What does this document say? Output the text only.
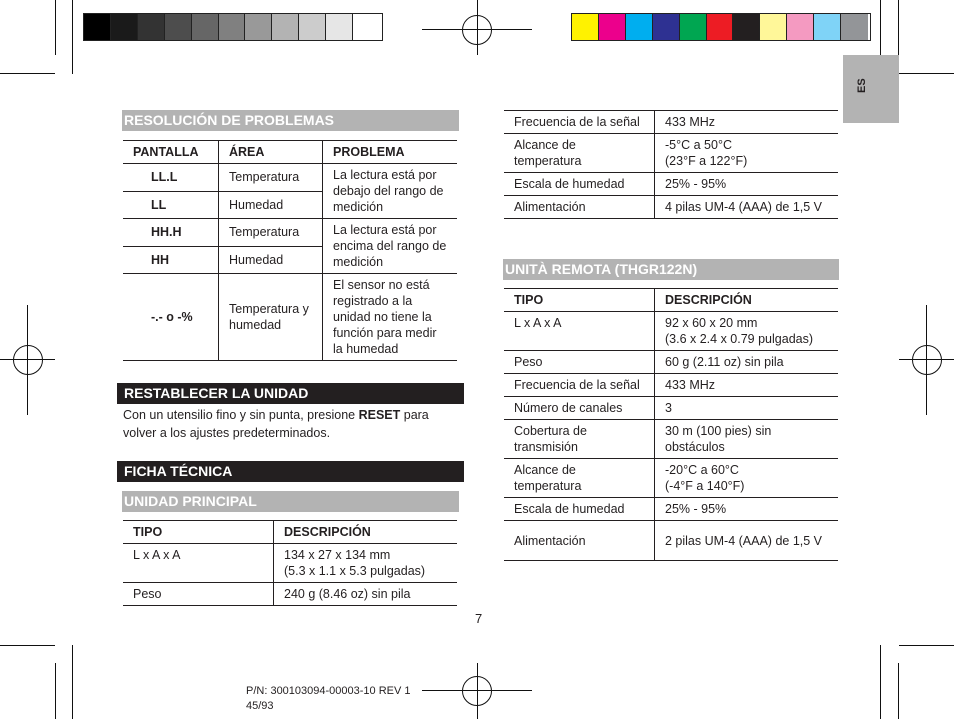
ES
RESOLUCIÓN DE PROBLEMAS
PANTALLA	ÁREA	PROBLEMA
LL.L	Temperatura	La lectura está por debajo del rango de medición
LL	Humedad	
HH.H	Temperatura	La lectura está por encima del rango de medición
HH	Humedad	
-.- o -%	Temperatura y humedad	El sensor no está registrado a la unidad no tiene la función para medir la humedad
RESTABLECER LA UNIDAD
Con un utensilio fino y sin punta, presione RESET para volver a los ajustes predeterminados.
FICHA TÉCNICA
UNIDAD PRINCIPAL
TIPO	DESCRIPCIÓN
L x A x A	134 x 27 x 134 mm
(5.3 x 1.1 x 5.3 pulgadas)
Peso	240 g (8.46 oz) sin pila
Frecuencia de la señal	433 MHz
Alcance de temperatura	-5°C a 50°C
(23°F a 122°F)
Escala de humedad	25% - 95%
Alimentación	4 pilas UM-4 (AAA) de 1,5 V
UNITÀ REMOTA (THGR122N)
TIPO	DESCRIPCIÓN
L x A x A	92 x 60 x 20 mm
(3.6 x 2.4 x 0.79 pulgadas)
Peso	60 g (2.11 oz) sin pila
Frecuencia de la señal	433 MHz
Número de canales	3
Cobertura de transmisión	30 m (100 pies) sin obstáculos
Alcance de temperatura	-20°C a 60°C
(-4°F a 140°F)
Escala de humedad	25% - 95%
Alimentación	2 pilas UM-4 (AAA) de 1,5 V
7
P/N: 300103094-00003-10 REV 1
45/93
